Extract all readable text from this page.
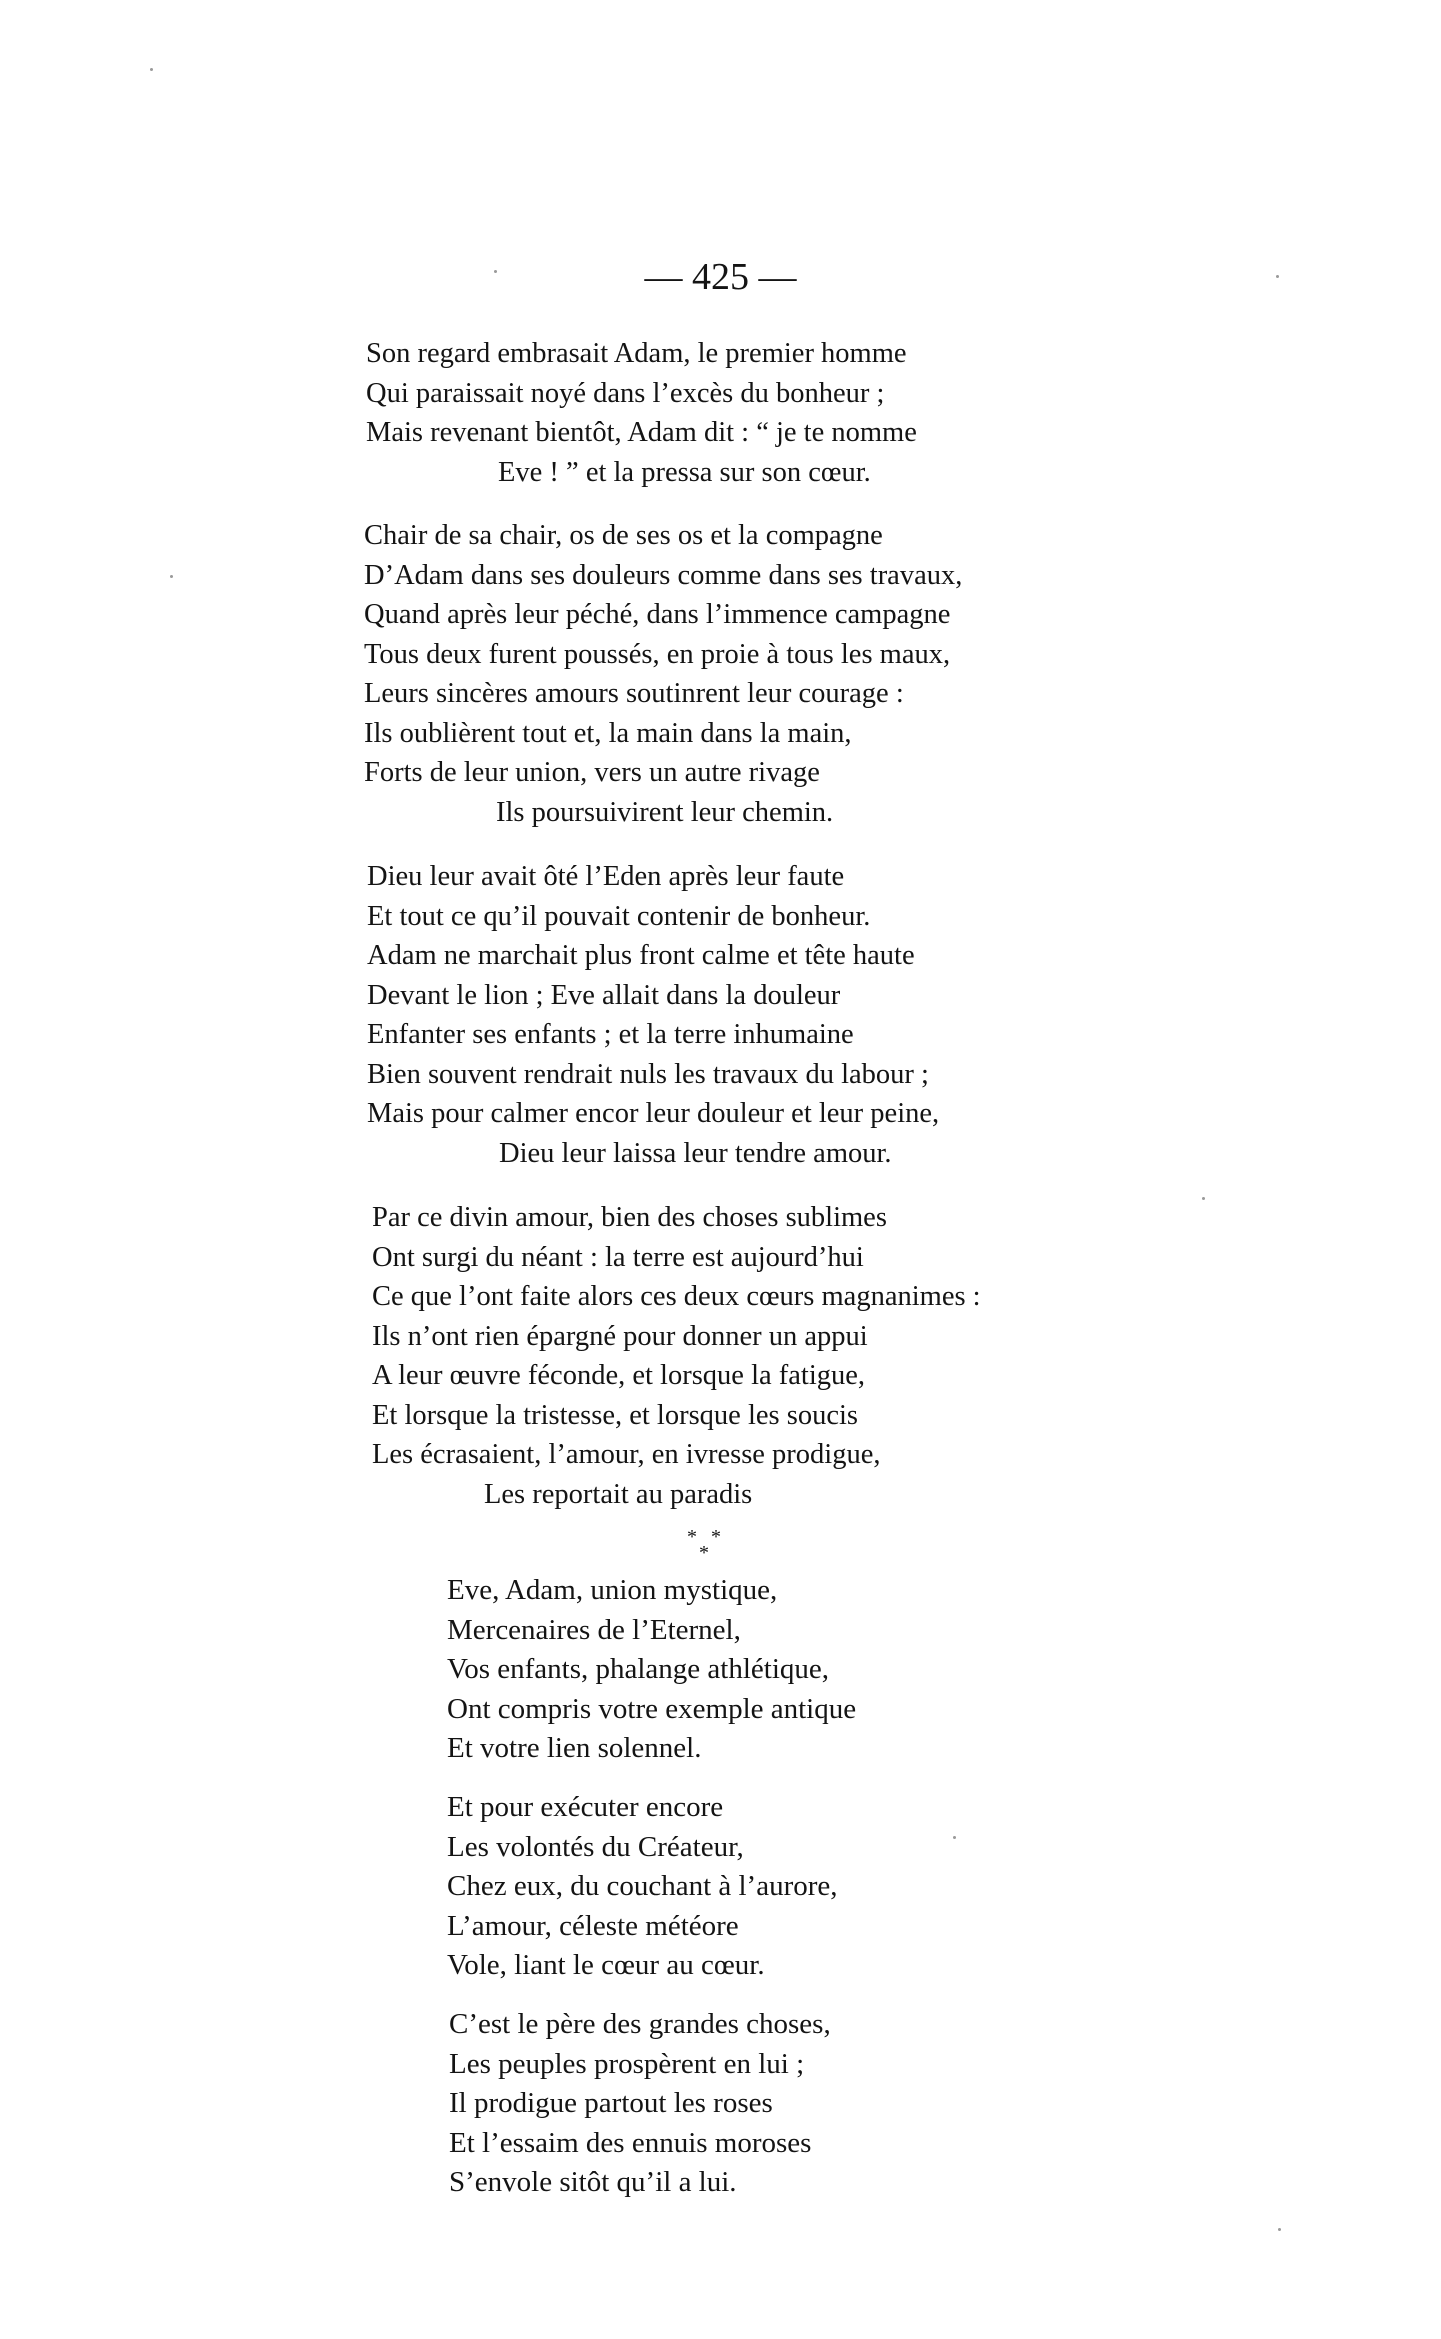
— 425 —
Son regard embrasait Adam, le premier homme
Qui paraissait noyé dans l’excès du bonheur ;
Mais revenant bientôt, Adam dit : “ je te nomme
Eve ! ” et la pressa sur son cœur.
Chair de sa chair, os de ses os et la compagne
D’Adam dans ses douleurs comme dans ses travaux,
Quand après leur péché, dans l’immence campagne
Tous deux furent poussés, en proie à tous les maux,
Leurs sincères amours soutinrent leur courage :
Ils oublièrent tout et, la main dans la main,
Forts de leur union, vers un autre rivage
Ils poursuivirent leur chemin.
Dieu leur avait ôté l’Eden après leur faute
Et tout ce qu’il pouvait contenir de bonheur.
Adam ne marchait plus front calme et tête haute
Devant le lion ; Eve allait dans la douleur
Enfanter ses enfants ; et la terre inhumaine
Bien souvent rendrait nuls les travaux du labour ;
Mais pour calmer encor leur douleur et leur peine,
Dieu leur laissa leur tendre amour.
Par ce divin amour, bien des choses sublimes
Ont surgi du néant : la terre est aujourd’hui
Ce que l’ont faite alors ces deux cœurs magnanimes :
Ils n’ont rien épargné pour donner un appui
A leur œuvre féconde, et lorsque la fatigue,
Et lorsque la tristesse, et lorsque les soucis
Les écrasaient, l’amour, en ivresse prodigue,
Les reportait au paradis
* *
*
Eve, Adam, union mystique,
Mercenaires de l’Eternel,
Vos enfants, phalange athlétique,
Ont compris votre exemple antique
Et votre lien solennel.
Et pour exécuter encore
Les volontés du Créateur,
Chez eux, du couchant à l’aurore,
L’amour, céleste météore
Vole, liant le cœur au cœur.
C’est le père des grandes choses,
Les peuples prospèrent en lui ;
Il prodigue partout les roses
Et l’essaim des ennuis moroses
S’envole sitôt qu’il a lui.
